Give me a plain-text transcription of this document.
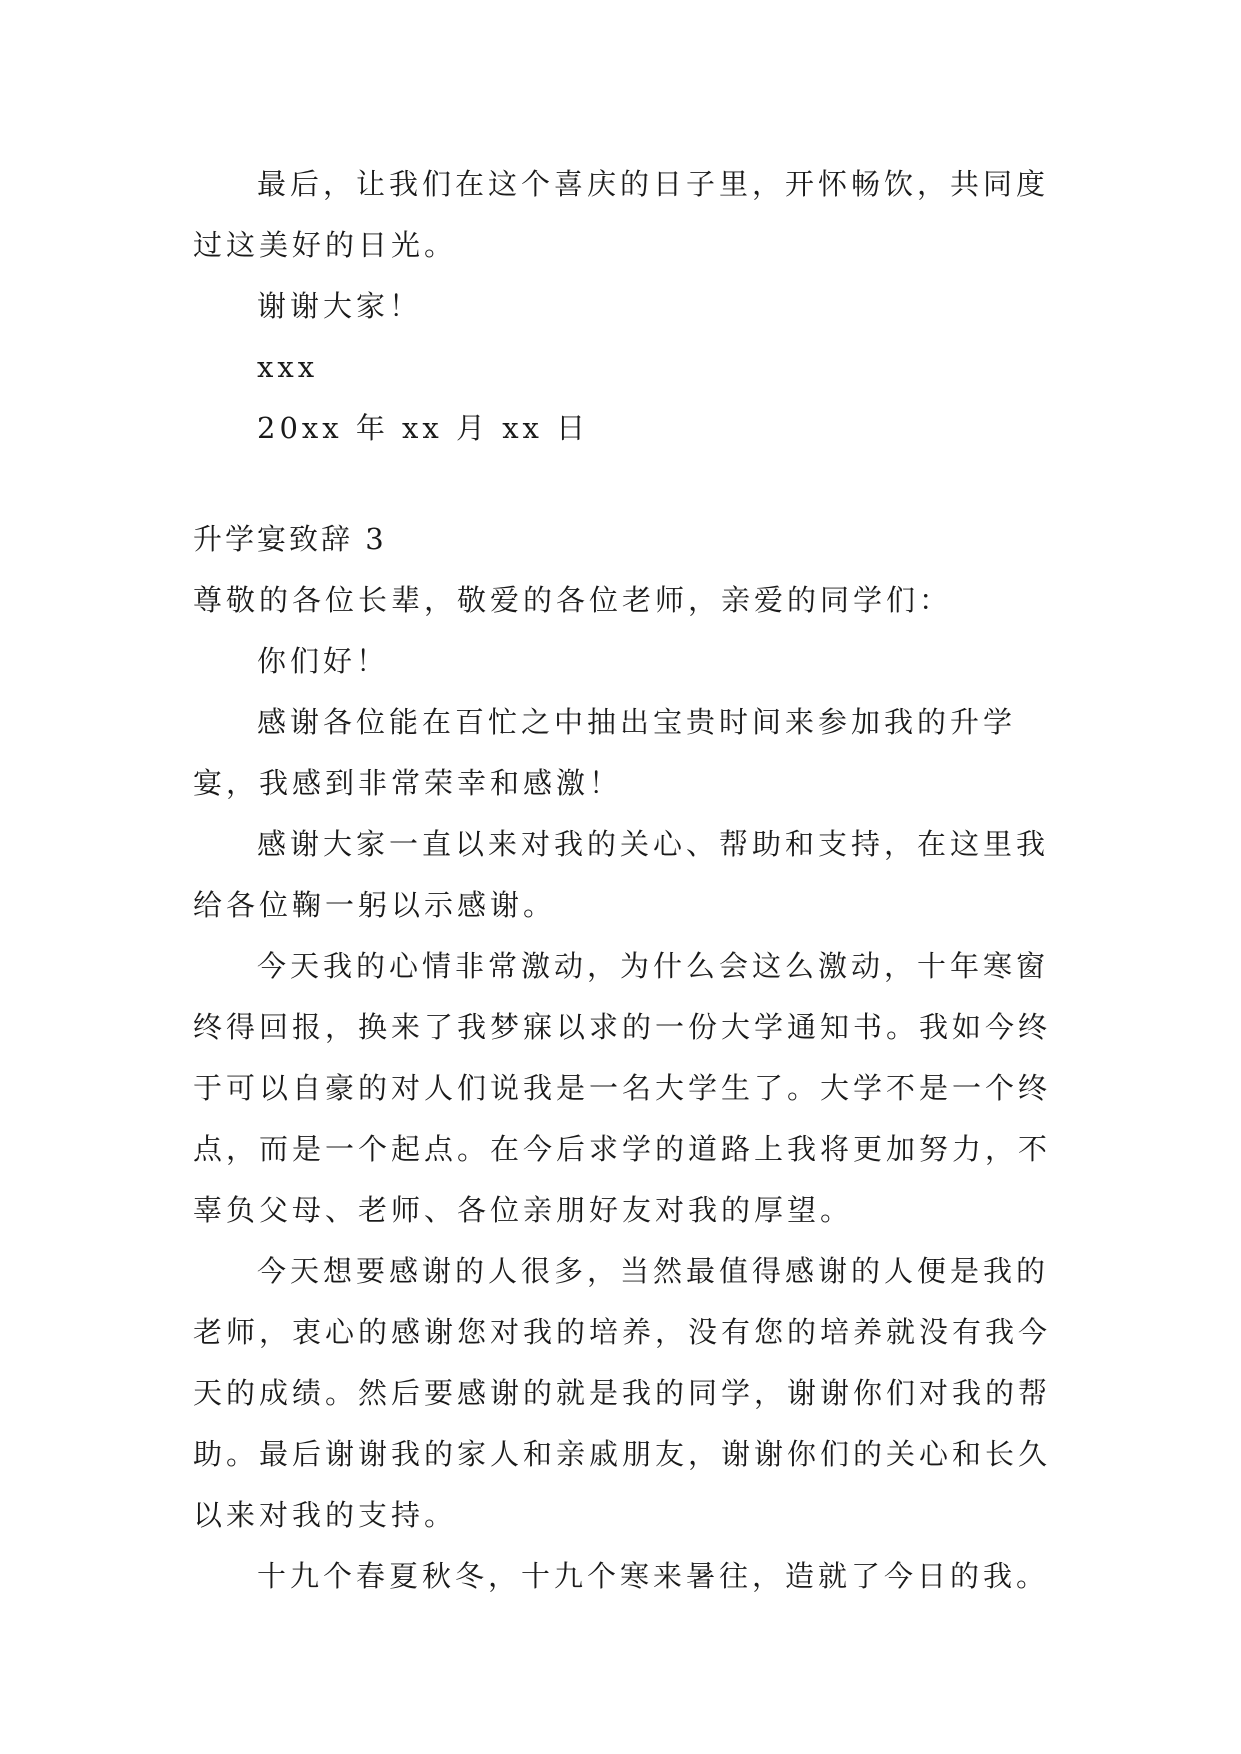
最后，让我们在这个喜庆的日子里，开怀畅饮，共同度

过这美好的日光。

谢谢大家！

xxx

20xx 年 xx 月 xx 日

升学宴致辞 3

尊敬的各位长辈，敬爱的各位老师，亲爱的同学们：

你们好！

感谢各位能在百忙之中抽出宝贵时间来参加我的升学

宴，我感到非常荣幸和感激！

感谢大家一直以来对我的关心、帮助和支持，在这里我

给各位鞠一躬以示感谢。

今天我的心情非常激动，为什么会这么激动，十年寒窗

终得回报，换来了我梦寐以求的一份大学通知书。我如今终

于可以自豪的对人们说我是一名大学生了。大学不是一个终

点，而是一个起点。在今后求学的道路上我将更加努力，不

辜负父母、老师、各位亲朋好友对我的厚望。

今天想要感谢的人很多，当然最值得感谢的人便是我的

老师，衷心的感谢您对我的培养，没有您的培养就没有我今

天的成绩。然后要感谢的就是我的同学，谢谢你们对我的帮

助。最后谢谢我的家人和亲戚朋友，谢谢你们的关心和长久

以来对我的支持。

十九个春夏秋冬，十九个寒来暑往，造就了今日的我。
